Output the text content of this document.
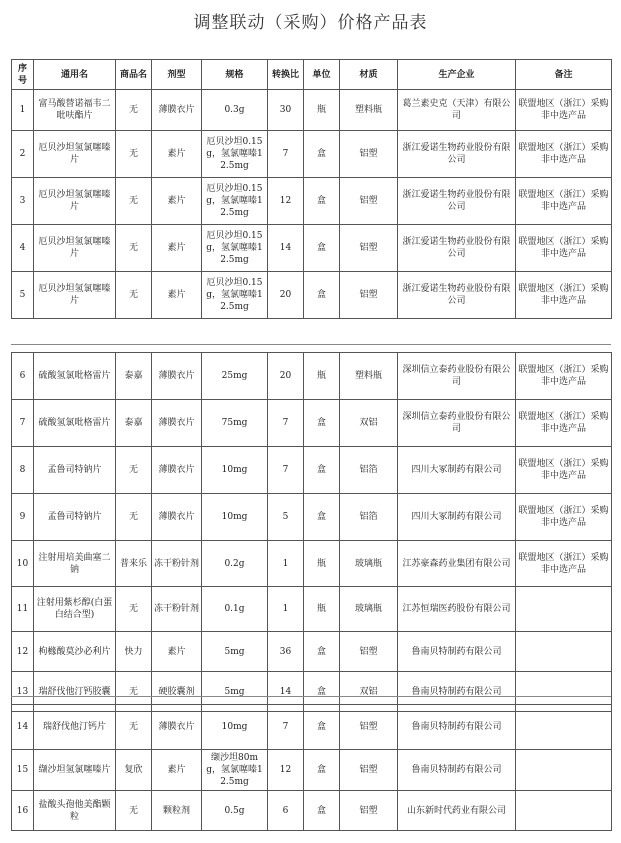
调整联动（采购）价格产品表
序号	通用名	商品名	剂型	规格	转换比	单位	材质	生产企业	备注
1	富马酸替诺福韦二吡呋酯片	无	薄膜衣片	0.3g	30	瓶	塑料瓶	葛兰素史克（天津）有限公司	联盟地区（浙江）采购非中选产品
2	厄贝沙坦氢氯噻嗪片	无	素片	厄贝沙坦0.15g，氢氯噻嗪12.5mg	7	盒	铝塑	浙江爱诺生物药业股份有限公司	联盟地区（浙江）采购非中选产品
3	厄贝沙坦氢氯噻嗪片	无	素片	厄贝沙坦0.15g，氢氯噻嗪12.5mg	12	盒	铝塑	浙江爱诺生物药业股份有限公司	联盟地区（浙江）采购非中选产品
4	厄贝沙坦氢氯噻嗪片	无	素片	厄贝沙坦0.15g，氢氯噻嗪12.5mg	14	盒	铝塑	浙江爱诺生物药业股份有限公司	联盟地区（浙江）采购非中选产品
5	厄贝沙坦氢氯噻嗪片	无	素片	厄贝沙坦0.15g，氢氯噻嗪12.5mg	20	盒	铝塑	浙江爱诺生物药业股份有限公司	联盟地区（浙江）采购非中选产品
6	硫酸氢氯吡格雷片	泰嘉	薄膜衣片	25mg	20	瓶	塑料瓶	深圳信立泰药业股份有限公司	联盟地区（浙江）采购非中选产品
7	硫酸氢氯吡格雷片	泰嘉	薄膜衣片	75mg	7	盒	双铝	深圳信立泰药业股份有限公司	联盟地区（浙江）采购非中选产品
8	孟鲁司特钠片	无	薄膜衣片	10mg	7	盒	铝箔	四川大冢制药有限公司	联盟地区（浙江）采购非中选产品
9	孟鲁司特钠片	无	薄膜衣片	10mg	5	盒	铝箔	四川大冢制药有限公司	联盟地区（浙江）采购非中选产品
10	注射用培美曲塞二钠	普来乐	冻干粉针剂	0.2g	1	瓶	玻璃瓶	江苏豪森药业集团有限公司	联盟地区（浙江）采购非中选产品
11	注射用紫杉醇(白蛋白结合型)	无	冻干粉针剂	0.1g	1	瓶	玻璃瓶	江苏恒瑞医药股份有限公司	
12	枸橼酸莫沙必利片	快力	素片	5mg	36	盒	铝塑	鲁南贝特制药有限公司	
13	瑞舒伐他汀钙胶囊	无	硬胶囊剂	5mg	14	盒	双铝	鲁南贝特制药有限公司	
14	瑞舒伐他汀钙片	无	薄膜衣片	10mg	7	盒	铝塑	鲁南贝特制药有限公司	
15	缬沙坦氢氯噻嗪片	复欣	素片	缬沙坦80mg，氢氯噻嗪12.5mg	12	盒	铝塑	鲁南贝特制药有限公司	
16	盐酸头孢他美酯颗粒	无	颗粒剂	0.5g	6	盒	铝塑	山东新时代药业有限公司	
